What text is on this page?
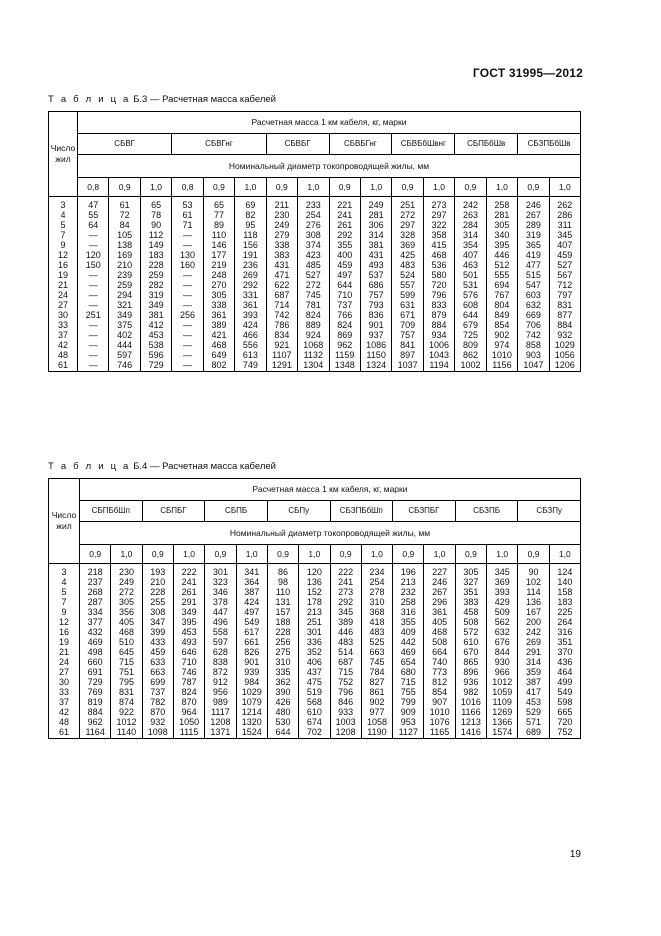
ГОСТ 31995—2012
Т а б л и ц а Б.3 — Расчетная масса кабелей
Число жил	Расчетная масса 1 км кабеля, кг, марки															
	СБВГ			СБВГнг			СБВБГ		СБВБГнг		СБВБбШвнг		СБПБбШв		СБЗПБбШв	
	Номинальный диаметр токопроводящей жилы, мм															
	0,8	0,9	1,0	0,8	0,9	1,0	0,9	1,0	0,9	1,0	0,9	1,0	0,9	1,0	0,9	1,0
3	47	61	65	53	65	69	211	233	221	249	251	273	242	258	246	262
4	55	72	78	61	77	82	230	254	241	281	272	297	263	281	267	286
5	64	84	90	71	89	95	249	276	261	306	297	322	284	305	289	311
7	—	105	112	—	110	118	279	308	292	314	328	358	314	340	319	345
9	—	138	149	—	146	156	338	374	355	381	369	415	354	395	365	407
12	120	169	183	130	177	191	383	423	400	431	425	468	407	446	419	459
16	150	210	228	160	219	236	431	485	459	493	483	536	463	512	477	527
19	—	239	259	—	248	269	471	527	497	537	524	580	501	555	515	567
21	—	259	282	—	270	292	622	272	644	686	557	720	531	694	547	712
24	—	294	319	—	305	331	687	745	710	757	599	796	576	767	603	797
27	—	321	349	—	338	361	714	781	737	793	631	833	608	804	632	831
30	251	349	381	256	361	393	742	824	766	836	671	879	644	849	669	877
33	—	375	412	—	389	424	786	889	824	901	709	884	679	854	706	884
37	—	402	453	—	421	466	834	924	869	937	757	934	725	902	742	932
42	—	444	538	—	468	556	921	1068	962	1086	841	1006	809	974	858	1029
48	—	597	596	—	649	613	1107	1132	1159	1150	897	1043	862	1010	903	1056
61	—	746	729	—	802	749	1291	1304	1348	1324	1037	1194	1002	1156	1047	1206
Т а б л и ц а Б.4 — Расчетная масса кабелей
Число жил	Расчетная масса 1 км кабеля, кг, марки															
	СБПБбШп		СБПБГ		СБПБ		СБПу		СБЗПБбШп		СБЗПБГ		СБЗПБ		СБЗПу	
	Номинальный диаметр токопроводящей жилы, мм															
	0,9	1,0	0,9	1,0	0,9	1,0	0,9	1,0	0,9	1,0	0,9	1,0	0,9	1,0	0,9	1,0
3	218	230	193	222	301	341	86	120	222	234	196	227	305	345	90	124
4	237	249	210	241	323	364	98	136	241	254	213	246	327	369	102	140
5	268	272	228	261	346	387	110	152	273	278	232	267	351	393	114	158
7	287	305	255	291	378	424	131	178	292	310	258	296	383	429	136	183
9	334	356	308	349	447	497	157	213	345	368	316	361	458	509	167	225
12	377	405	347	395	496	549	188	251	389	418	355	405	508	562	200	264
16	432	468	399	453	558	617	228	301	446	483	409	468	572	632	242	316
19	469	510	433	493	597	661	256	336	483	525	442	508	610	676	269	351
21	498	645	459	646	628	826	275	352	514	663	469	664	670	844	291	370
24	660	715	633	710	838	901	310	406	687	745	654	740	865	930	314	436
27	691	751	663	746	872	939	335	437	715	784	680	773	896	966	359	464
30	729	795	699	787	912	984	362	475	752	827	715	812	936	1012	387	499
33	769	831	737	824	956	1029	390	519	796	861	755	854	982	1059	417	549
37	819	874	782	870	989	1079	426	568	846	902	799	907	1016	1109	453	598
42	884	922	870	964	1117	1214	480	610	933	977	909	1010	1166	1269	529	665
48	962	1012	932	1050	1208	1320	530	674	1003	1058	953	1076	1213	1366	571	720
61	1164	1140	1098	1115	1371	1524	644	702	1208	1190	1127	1165	1416	1574	689	752
19
